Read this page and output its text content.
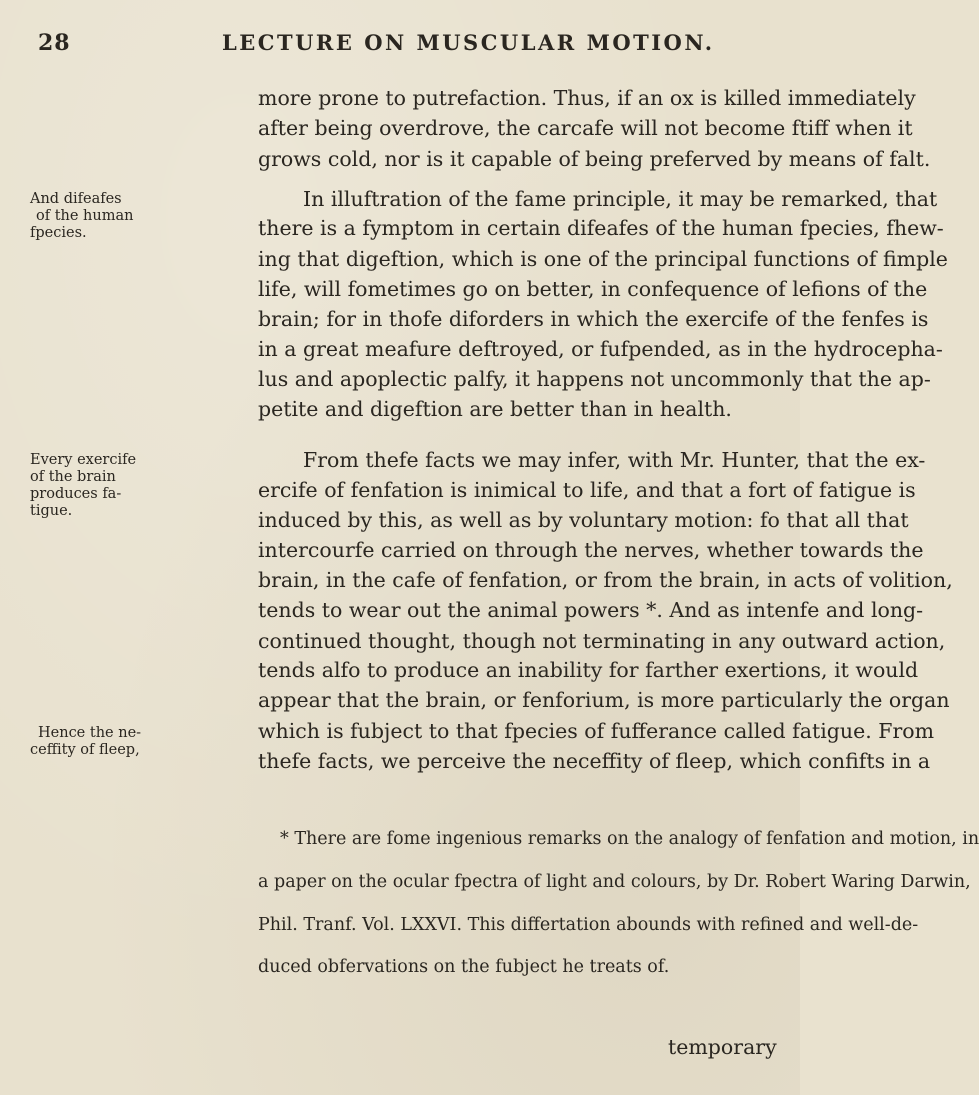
28	LECTURE ON MUSCULAR MOTION.
And difeafes
of the human
fpecies.
Every exercife
of the brain
produces fa-
tigue.
Hence the ne-
ceffity of fleep,
temporary
more prone to putrefaction. Thus, if an ox is killed immediately
after being overdrove, the carcafe will not become ftiff when it
grows cold, nor is it capable of being preferved by means of falt.
In illuftration of the fame principle, it may be remarked, that
there is a fymptom in certain difeafes of the human fpecies, fhew-
ing that digeftion, which is one of the principal functions of fimple
life, will fometimes go on better, in confequence of lefions of the
brain; for in thofe diforders in which the exercife of the fenfes is
in a great meafure deftroyed, or fufpended, as in the hydrocepha-
lus and apoplectic palfy, it happens not uncommonly that the ap-
petite and digeftion are better than in health.
From thefe facts we may infer, with Mr. Hunter, that the ex-
ercife of fenfation is inimical to life, and that a fort of fatigue is
induced by this, as well as by voluntary motion: fo that all that
intercourfe carried on through the nerves, whether towards the
brain, in the cafe of fenfation, or from the brain, in acts of volition,
tends to wear out the animal powers *. And as intenfe and long-
continued thought, though not terminating in any outward action,
tends alfo to produce an inability for farther exertions, it would
appear that the brain, or fenforium, is more particularly the organ
which is fubject to that fpecies of fufferance called fatigue. From
thefe facts, we perceive the neceffity of fleep, which confifts in a
* There are fome ingenious remarks on the analogy of fenfation and motion, in
a paper on the ocular fpectra of light and colours, by Dr. Robert Waring Darwin,
Phil. Tranf. Vol. LXXVI. This differtation abounds with refined and well-de-
duced obfervations on the fubject he treats of.
